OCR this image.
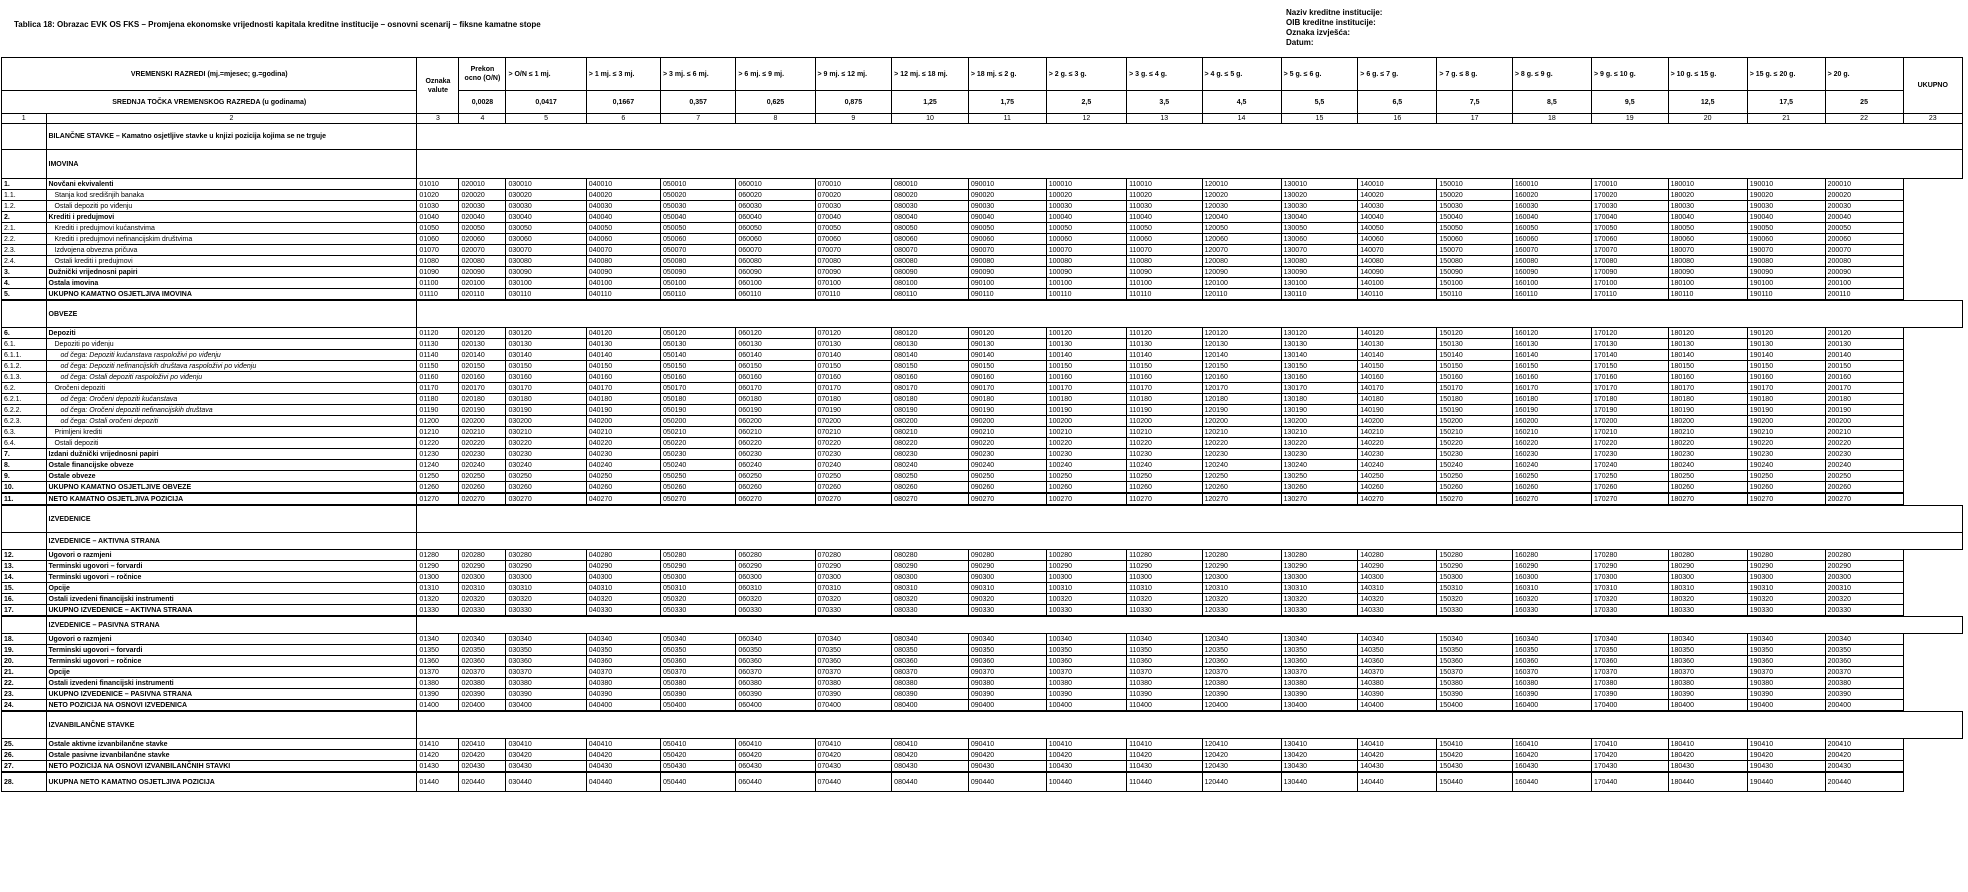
Tablica 18: Obrazac EVK OS FKS – Promjena ekonomske vrijednosti kapitala kreditne institucije – osnovni scenarij – fiksne kamatne stope
Naziv kreditne institucije:
OIB kreditne institucije:
Oznaka izvješća:
Datum:
VREMENSKI RAZREDI (mj.=mjesec; g.=godina)		Oznaka valute	Prekon ocno (O/N)	> O/N ≤ 1 mj.	> 1 mj. ≤ 3 mj.	> 3 mj. ≤ 6 mj.	> 6 mj. ≤ 9 mj.	> 9 mj. ≤ 12 mj.	> 12 mj. ≤ 18 mj.	> 18 mj. ≤ 2 g.	> 2 g. ≤ 3 g.	> 3 g. ≤ 4 g.	> 4 g. ≤ 5 g.	> 5 g. ≤ 6 g.	> 6 g. ≤ 7 g.	> 7 g. ≤ 8 g.	> 8 g. ≤ 9 g.	> 9 g. ≤ 10 g.	> 10 g. ≤ 15 g.	> 15 g. ≤ 20 g.	> 20 g.	UKUPNO
SREDNJA TOČKA VREMENSKOG RAZREDA (u godinama)			0,0028	0,0417	0,1667	0,357	0,625	0,875	1,25	1,75	2,5	3,5	4,5	5,5	6,5	7,5	8,5	9,5	12,5	17,5	25	
1	2	3	4	5	6	7	8	9	10	11	12	13	14	15	16	17	18	19	20	21	22	23
	BILANČNE STAVKE – Kamatno osjetljive stavke u knjizi pozicija kojima se ne trguje																					
	IMOVINA																					
1.	Novčani ekvivalenti	01010	020010	030010	040010	050010	060010	070010	080010	090010	100010	110010	120010	130010	140010	150010	160010	170010	180010	190010	200010	
1.1.	Stanja kod središnjih banaka	01020	020020	030020	040020	050020	060020	070020	080020	090020	100020	110020	120020	130020	140020	150020	160020	170020	180020	190020	200020	
1.2.	Ostali depoziti po viđenju	01030	020030	030030	040030	050030	060030	070030	080030	090030	100030	110030	120030	130030	140030	150030	160030	170030	180030	190030	200030	
2.	Krediti i predujmovi	01040	020040	030040	040040	050040	060040	070040	080040	090040	100040	110040	120040	130040	140040	150040	160040	170040	180040	190040	200040	
2.1.	Krediti i predujmovi kućanstvima	01050	020050	030050	040050	050050	060050	070050	080050	090050	100050	110050	120050	130050	140050	150050	160050	170050	180050	190050	200050	
2.2.	Krediti i predujmovi nefinancijskim društvima	01060	020060	030060	040060	050060	060060	070060	080060	090060	100060	110060	120060	130060	140060	150060	160060	170060	180060	190060	200060	
2.3.	Izdvojena obvezna pričuva	01070	020070	030070	040070	050070	060070	070070	080070	090070	100070	110070	120070	130070	140070	150070	160070	170070	180070	190070	200070	
2.4.	Ostali krediti i predujmovi	01080	020080	030080	040080	050080	060080	070080	080080	090080	100080	110080	120080	130080	140080	150080	160080	170080	180080	190080	200080	
3.	Dužnički vrijednosni papiri	01090	020090	030090	040090	050090	060090	070090	080090	090090	100090	110090	120090	130090	140090	150090	160090	170090	180090	190090	200090	
4.	Ostala imovina	01100	020100	030100	040100	050100	060100	070100	080100	090100	100100	110100	120100	130100	140100	150100	160100	170100	180100	190100	200100	
5.	UKUPNO KAMATNO OSJETLJIVA IMOVINA	01110	020110	030110	040110	050110	060110	070110	080110	090110	100110	110110	120110	130110	140110	150110	160110	170110	180110	190110	200110	
	OBVEZE																					
6.	Depoziti	01120	020120	030120	040120	050120	060120	070120	080120	090120	100120	110120	120120	130120	140120	150120	160120	170120	180120	190120	200120	
6.1.	Depoziti po viđenju	01130	020130	030130	040130	050130	060130	070130	080130	090130	100130	110130	120130	130130	140130	150130	160130	170130	180130	190130	200130	
6.1.1.	od čega: Depoziti kućanstava raspoloživi po viđenju	01140	020140	030140	040140	050140	060140	070140	080140	090140	100140	110140	120140	130140	140140	150140	160140	170140	180140	190140	200140	
6.1.2.	od čega: Depoziti nefinancijskih društava raspoloživi po viđenju	01150	020150	030150	040150	050150	060150	070150	080150	090150	100150	110150	120150	130150	140150	150150	160150	170150	180150	190150	200150	
6.1.3.	od čega: Ostali depoziti raspoloživi po viđenju	01160	020160	030160	040160	050160	060160	070160	080160	090160	100160	110160	120160	130160	140160	150160	160160	170160	180160	190160	200160	
6.2.	Oročeni depoziti	01170	020170	030170	040170	050170	060170	070170	080170	090170	100170	110170	120170	130170	140170	150170	160170	170170	180170	190170	200170	
6.2.1.	od čega: Oročeni depoziti kućanstava	01180	020180	030180	040180	050180	060180	070180	080180	090180	100180	110180	120180	130180	140180	150180	160180	170180	180180	190180	200180	
6.2.2.	od čega: Oročeni depoziti nefinancijskih društava	01190	020190	030190	040190	050190	060190	070190	080190	090190	100190	110190	120190	130190	140190	150190	160190	170190	180190	190190	200190	
6.2.3.	od čega: Ostali oročeni depoziti	01200	020200	030200	040200	050200	060200	070200	080200	090200	100200	110200	120200	130200	140200	150200	160200	170200	180200	190200	200200	
6.3.	Primljeni krediti	01210	020210	030210	040210	050210	060210	070210	080210	090210	100210	110210	120210	130210	140210	150210	160210	170210	180210	190210	200210	
6.4.	Ostali depoziti	01220	020220	030220	040220	050220	060220	070220	080220	090220	100220	110220	120220	130220	140220	150220	160220	170220	180220	190220	200220	
7.	Izdani dužnički vrijednosni papiri	01230	020230	030230	040230	050230	060230	070230	080230	090230	100230	110230	120230	130230	140230	150230	160230	170230	180230	190230	200230	
8.	Ostale financijske obveze	01240	020240	030240	040240	050240	060240	070240	080240	090240	100240	110240	120240	130240	140240	150240	160240	170240	180240	190240	200240	
9.	Ostale obveze	01250	020250	030250	040250	050250	060250	070250	080250	090250	100250	110250	120250	130250	140250	150250	160250	170250	180250	190250	200250	
10.	UKUPNO KAMATNO OSJETLJIVE OBVEZE	01260	020260	030260	040260	050260	060260	070260	080260	090260	100260	110260	120260	130260	140260	150260	160260	170260	180260	190260	200260	
11.	NETO KAMATNO OSJETLJIVA POZICIJA	01270	020270	030270	040270	050270	060270	070270	080270	090270	100270	110270	120270	130270	140270	150270	160270	170270	180270	190270	200270	
	IZVEDENICE																					
	IZVEDENICE – AKTIVNA STRANA																					
12.	Ugovori o razmjeni	01280	020280	030280	040280	050280	060280	070280	080280	090280	100280	110280	120280	130280	140280	150280	160280	170280	180280	190280	200280	
13.	Terminski ugovori – forvardi	01290	020290	030290	040290	050290	060290	070290	080290	090290	100290	110290	120290	130290	140290	150290	160290	170290	180290	190290	200290	
14.	Terminski ugovori – ročnice	01300	020300	030300	040300	050300	060300	070300	080300	090300	100300	110300	120300	130300	140300	150300	160300	170300	180300	190300	200300	
15.	Opcije	01310	020310	030310	040310	050310	060310	070310	080310	090310	100310	110310	120310	130310	140310	150310	160310	170310	180310	190310	200310	
16.	Ostali izvedeni financijski instrumenti	01320	020320	030320	040320	050320	060320	070320	080320	090320	100320	110320	120320	130320	140320	150320	160320	170320	180320	190320	200320	
17.	UKUPNO IZVEDENICE – AKTIVNA STRANA	01330	020330	030330	040330	050330	060330	070330	080330	090330	100330	110330	120330	130330	140330	150330	160330	170330	180330	190330	200330	
	IZVEDENICE – PASIVNA STRANA																					
18.	Ugovori o razmjeni	01340	020340	030340	040340	050340	060340	070340	080340	090340	100340	110340	120340	130340	140340	150340	160340	170340	180340	190340	200340	
19.	Terminski ugovori – forvardi	01350	020350	030350	040350	050350	060350	070350	080350	090350	100350	110350	120350	130350	140350	150350	160350	170350	180350	190350	200350	
20.	Terminski ugovori – ročnice	01360	020360	030360	040360	050360	060360	070360	080360	090360	100360	110360	120360	130360	140360	150360	160360	170360	180360	190360	200360	
21.	Opcije	01370	020370	030370	040370	050370	060370	070370	080370	090370	100370	110370	120370	130370	140370	150370	160370	170370	180370	190370	200370	
22.	Ostali izvedeni financijski instrumenti	01380	020380	030380	040380	050380	060380	070380	080380	090380	100380	110380	120380	130380	140380	150380	160380	170380	180380	190380	200380	
23.	UKUPNO IZVEDENICE – PASIVNA STRANA	01390	020390	030390	040390	050390	060390	070390	080390	090390	100390	110390	120390	130390	140390	150390	160390	170390	180390	190390	200390	
24.	NETO POZICIJA NA OSNOVI IZVEDENICA	01400	020400	030400	040400	050400	060400	070400	080400	090400	100400	110400	120400	130400	140400	150400	160400	170400	180400	190400	200400	
	IZVANBILANČNE STAVKE																					
25.	Ostale aktivne izvanbilančne stavke	01410	020410	030410	040410	050410	060410	070410	080410	090410	100410	110410	120410	130410	140410	150410	160410	170410	180410	190410	200410	
26.	Ostale pasivne izvanbilančne stavke	01420	020420	030420	040420	050420	060420	070420	080420	090420	100420	110420	120420	130420	140420	150420	160420	170420	180420	190420	200420	
27.	NETO POZICIJA NA OSNOVI IZVANBILANČNIH STAVKI	01430	020430	030430	040430	050430	060430	070430	080430	090430	100430	110430	120430	130430	140430	150430	160430	170430	180430	190430	200430	
28.	UKUPNA NETO KAMATNO OSJETLJIVA POZICIJA	01440	020440	030440	040440	050440	060440	070440	080440	090440	100440	110440	120440	130440	140440	150440	160440	170440	180440	190440	200440	
